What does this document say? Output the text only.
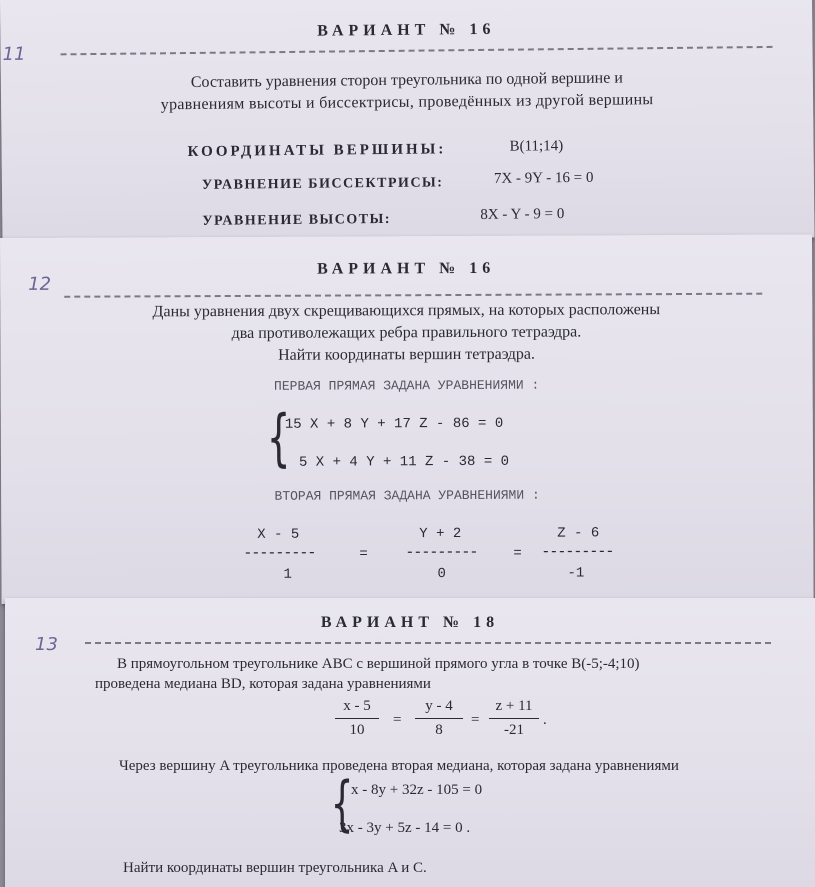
11
ВАРИАНТ № 16
Составить уравнения сторон треугольника по одной вершине и
уравнениям высоты и биссектрисы, проведённых из другой вершины
КООРДИНАТЫ ВЕРШИНЫ:	B(11;14)
УРАВНЕНИЕ БИССЕКТРИСЫ:	7X - 9Y - 16 = 0
УРАВНЕНИЕ ВЫСОТЫ:	8X - Y - 9 = 0
12
ВАРИАНТ № 16
Даны уравнения двух скрещивающихся прямых, на которых расположены
два противолежащих ребра правильного тетраэдра.
Найти координаты вершин тетраэдра.
ПЕРВАЯ ПРЯМАЯ ЗАДАНА УРАВНЕНИЯМИ :
{
15 X + 8 Y + 17 Z - 86 = 0
5 X + 4 Y + 11 Z - 38 = 0
ВТОРАЯ ПРЯМАЯ ЗАДАНА УРАВНЕНИЯМИ :
X - 5
---------
1
=
Y + 2
---------
0
=
Z - 6
---------
-1
13
ВАРИАНТ № 18
В прямоугольном треугольнике ABC с вершиной прямого угла в точке B(-5;-4;10)
проведена медиана BD, которая задана уравнениями
x - 5
10
=
y - 4
8
=
z + 11
-21
.
Через вершину A треугольника проведена вторая медиана, которая задана уравнениями
{
x - 8y + 32z - 105 = 0
3x - 3y + 5z - 14 = 0 .
Найти координаты вершин треугольника A и C.
